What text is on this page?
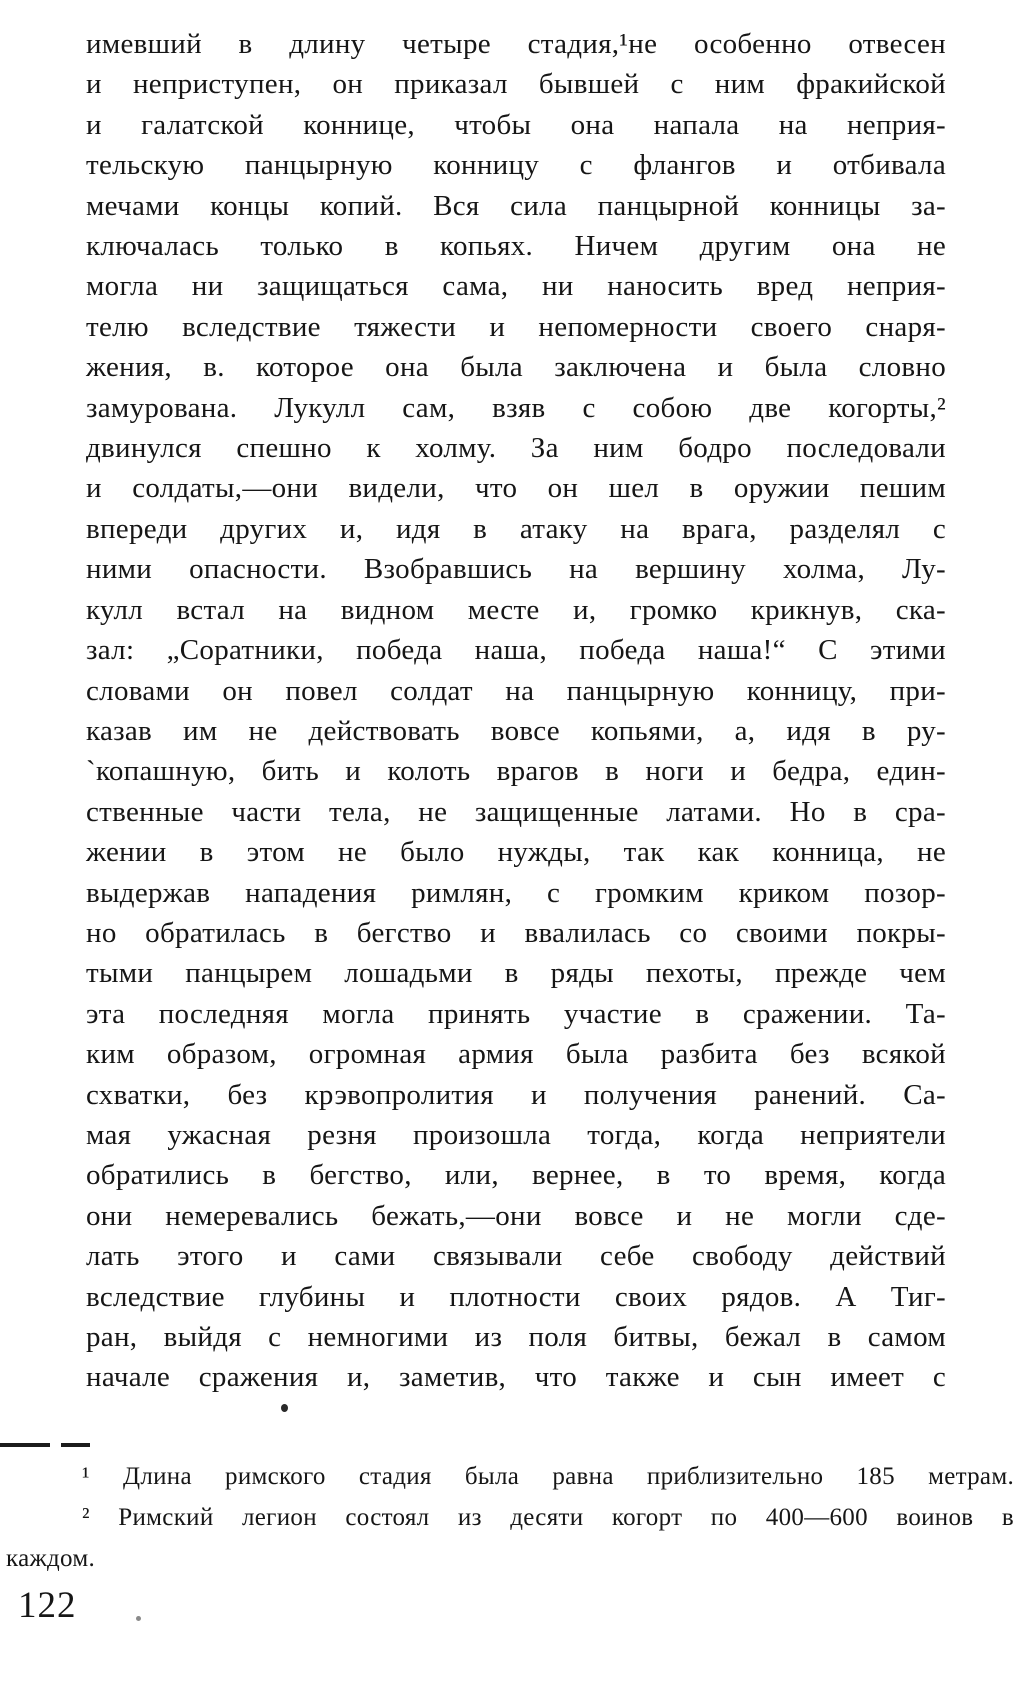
имевший в длину четыре стадия,¹не особенно отвесен
и неприступен, он приказал бывшей с ним фракийской
и галатской коннице, чтобы она напала на неприя-
тельскую панцырную конницу с флангов и отбивала
мечами концы копий. Вся сила панцырной конницы за-
ключалась только в копьях. Ничем другим она не
могла ни защищаться сама, ни наносить вред неприя-
телю вследствие тяжести и непомерности своего снаря-
жения, в. которое она была заключена и была словно
замурована. Лукулл сам, взяв с собою две когорты,²
двинулся спешно к холму. За ним бодро последовали
и солдаты,—они видели, что он шел в оружии пешим
впереди других и, идя в атаку на врага, разделял с
ними опасности. Взобравшись на вершину холма, Лу-
кулл встал на видном месте и, громко крикнув, ска-
зал: „Соратники, победа наша, победа наша!“ С этими
словами он повел солдат на панцырную конницу, при-
казав им не действовать вовсе копьями, а, идя в ру-
`копашную, бить и колоть врагов в ноги и бедра, един-
ственные части тела, не защищенные латами. Но в сра-
жении в этом не было нужды, так как конница, не
выдержав нападения римлян, с громким криком позор-
но обратилась в бегство и ввалилась со своими покры-
тыми панцырем лошадьми в ряды пехоты, прежде чем
эта последняя могла принять участие в сражении. Та-
ким образом, огромная армия была разбита без всякой
схватки, без крэвопролития и получения ранений. Са-
мая ужасная резня произошла тогда, когда неприятели
обратились в бегство, или, вернее, в то время, когда
они немеревались бежать,—они вовсе и не могли сде-
лать этого и сами связывали себе свободу действий
вследствие глубины и плотности своих рядов. А Тиг-
ран, выйдя с немногими из поля битвы, бежал в самом
начале сражения и, заметив, что также и сын имеет с
¹ Длина римского стадия была равна приблизительно 185 метрам.
² Римский легион состоял из десяти когорт по 400—600 воинов в
каждом.
122
